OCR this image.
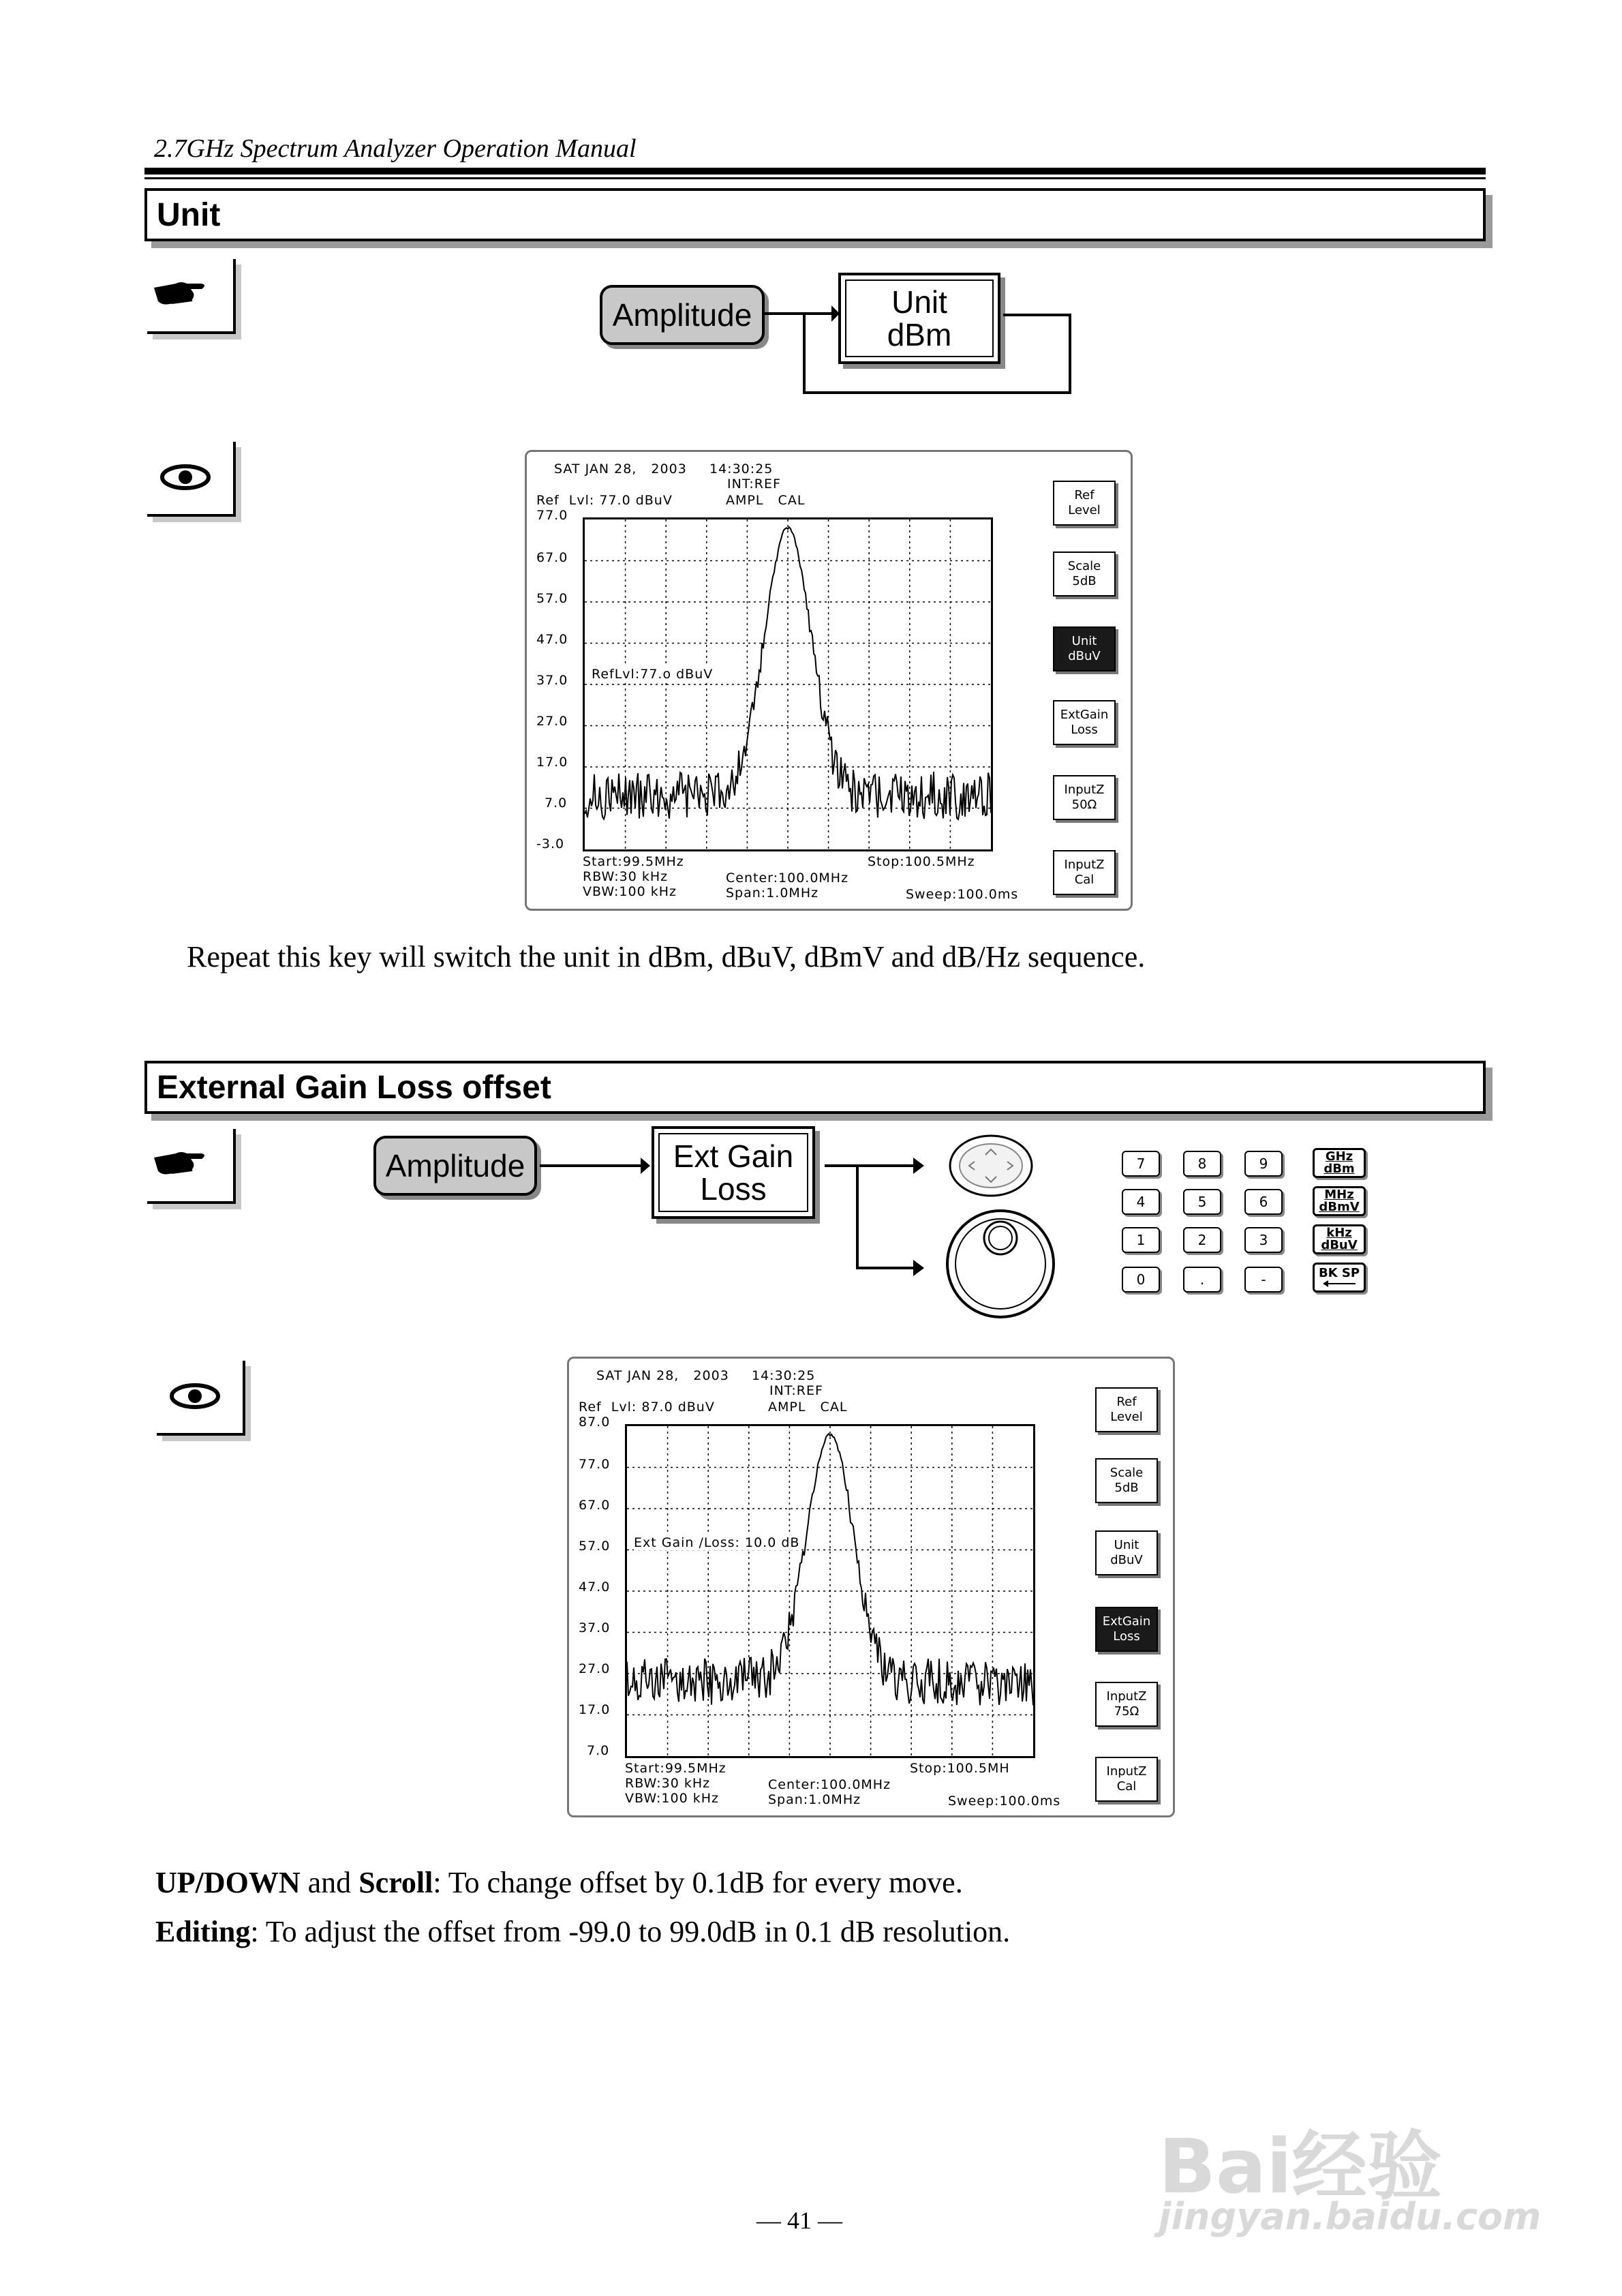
2.7GHz Spectrum Analyzer Operation Manual
Unit
Amplitude	Unit
dBm
SAT JAN 28,   2003 14:30:25
INT:REF
AMPL   CAL
Ref  Lvl: 77.0 dBuV
77.0
67.0
57.0
47.0
37.0
27.0
17.0
7.0
-3.0
RefLvl:77.o dBuV
Start:99.5MHz
RBW:30 kHz
VBW:100 kHz
Center:100.0MHz
Span:1.0MHz
Stop:100.5MHz
Sweep:100.0ms
Ref
Level
Scale
5dB
Unit
dBuV
ExtGain
Loss
InputZ
50Ω
InputZ
Cal
Repeat this key will switch the unit in dBm, dBuV, dBmV and dB/Hz sequence.
External Gain Loss offset
Amplitude	Ext Gain
Loss
7	8	9
4	5	6
1	2	3
0	.	-
GHz
dBm
MHz
dBmV
kHz
dBuV
BK SP
SAT JAN 28,   2003 14:30:25
INT:REF
AMPL   CAL
Ref  Lvl: 87.0 dBuV
87.0
77.0
67.0
57.0
47.0
37.0
27.0
17.0
7.0
Ext Gain /Loss: 10.0 dB
Start:99.5MHz
RBW:30 kHz
VBW:100 kHz
Center:100.0MHz
Span:1.0MHz
Stop:100.5MH
Sweep:100.0ms
Ref
Level
Scale
5dB
Unit
dBuV
ExtGain
Loss
InputZ
75Ω
InputZ
Cal
UP/DOWN and Scroll: To change offset by 0.1dB for every move.
Editing: To adjust the offset from -99.0 to 99.0dB in 0.1 dB resolution.
— 41 —
Bai经验
jingyan.baidu.com
